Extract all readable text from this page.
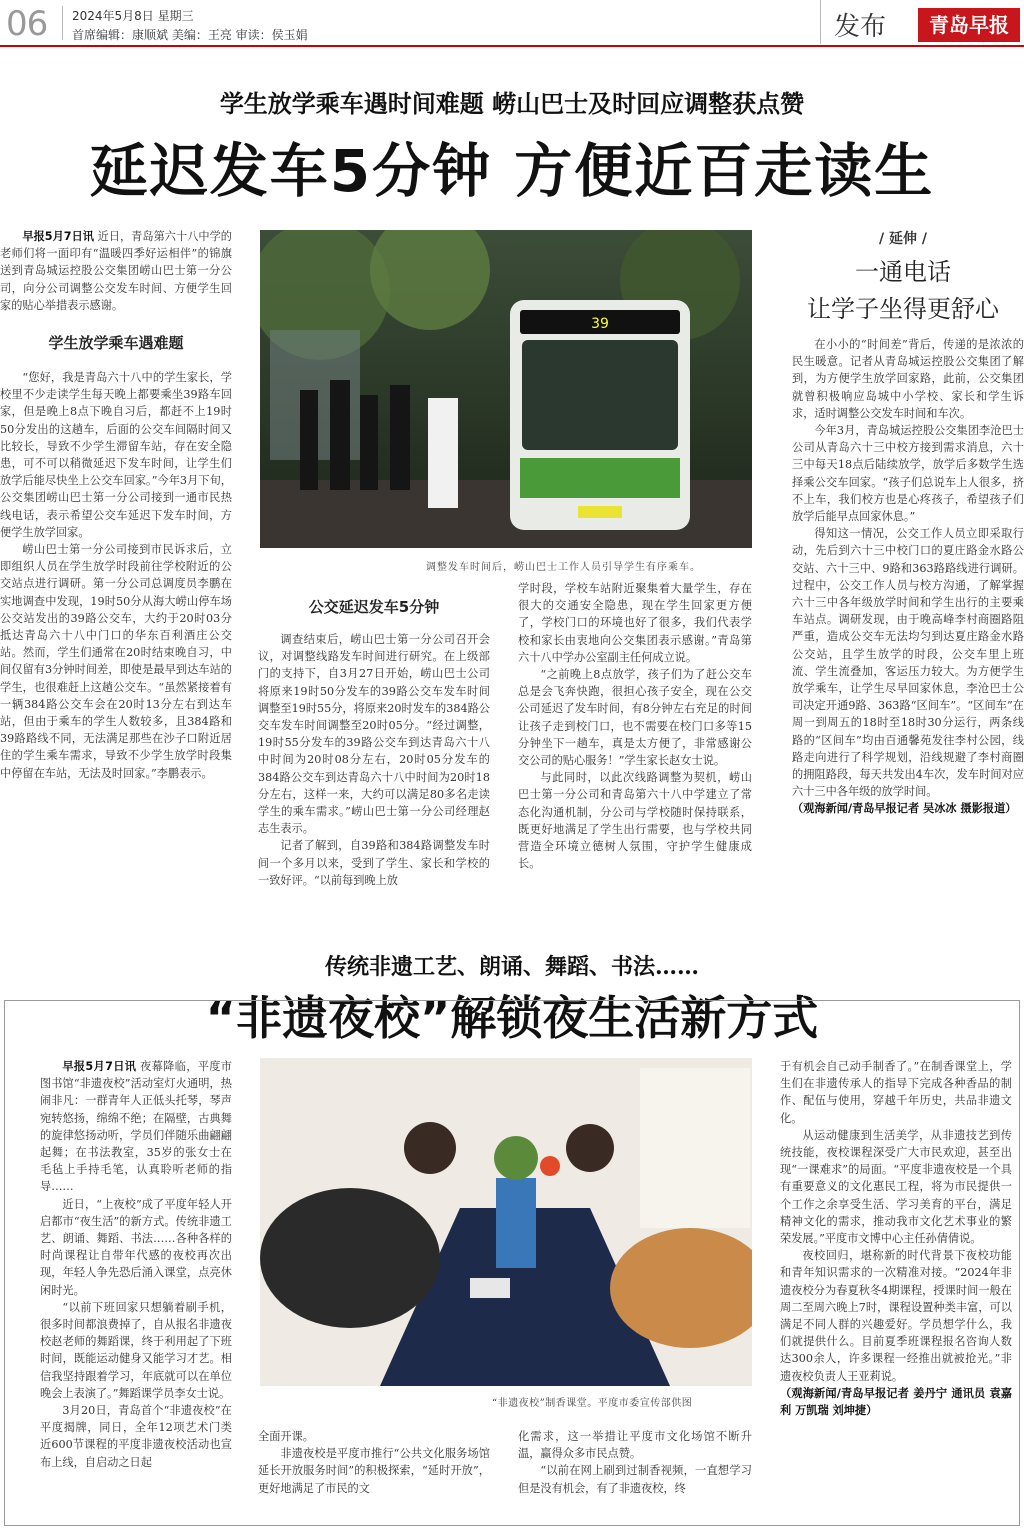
06 2024年5月8日 星期三
首席编辑：康顺斌 美编：王亮 审读：侯玉娟	发布	青岛早报
学生放学乘车遇时间难题 崂山巴士及时回应调整获点赞
延迟发车5分钟 方便近百走读生

早报5月7日讯 近日，青岛第六十八中学的老师们将一面印有“温暖四季好运相伴”的锦旗送到青岛城运控股公交集团崂山巴士第一分公司，向分公司调整公交发车时间、方便学生回家的贴心举措表示感谢。

学生放学乘车遇难题

“您好，我是青岛六十八中的学生家长，学校里不少走读学生每天晚上都要乘坐39路车回家，但是晚上8点下晚自习后，都赶不上19时50分发出的这趟车，后面的公交车间隔时间又比较长，导致不少学生滞留车站，存在安全隐患，可不可以稍微延迟下发车时间，让学生们放学后能尽快坐上公交车回家。”今年3月下旬，公交集团崂山巴士第一分公司接到一通市民热线电话，表示希望公交车延迟下发车时间，方便学生放学回家。

崂山巴士第一分公司接到市民诉求后，立即组织人员在学生放学时段前往学校附近的公交站点进行调研。第一分公司总调度员李鹏在实地调查中发现，19时50分从海大崂山停车场公交站发出的39路公交车，大约于20时03分抵达青岛六十八中门口的华东百利酒庄公交站。然而，学生们通常在20时结束晚自习，中间仅留有3分钟时间差，即使是最早到达车站的学生，也很难赶上这趟公交车。“虽然紧接着有一辆384路公交车会在20时13分左右到达车站，但由于乘车的学生人数较多，且384路和39路路线不同，无法满足那些在沙子口附近居住的学生乘车需求，导致不少学生放学时段集中停留在车站，无法及时回家。”李鹏表示。

39
调整发车时间后，崂山巴士工作人员引导学生有序乘车。
公交延迟发车5分钟

调查结束后，崂山巴士第一分公司召开会议，对调整线路发车时间进行研究。在上级部门的支持下，自3月27日开始，崂山巴士公司将原来19时50分发车的39路公交车发车时间调整至19时55分，将原来20时发车的384路公交车发车时间调整至20时05分。“经过调整，19时55分发车的39路公交车到达青岛六十八中时间为20时08分左右，20时05分发车的384路公交车到达青岛六十八中时间为20时18分左右，这样一来，大约可以满足80多名走读学生的乘车需求。”崂山巴士第一分公司经理赵志生表示。

记者了解到，自39路和384路调整发车时间一个多月以来，受到了学生、家长和学校的一致好评。“以前每到晚上放

学时段，学校车站附近聚集着大量学生，存在很大的交通安全隐患，现在学生回家更方便了，学校门口的环境也好了很多，我们代表学校和家长由衷地向公交集团表示感谢。”青岛第六十八中学办公室副主任何成立说。

“之前晚上8点放学，孩子们为了赶公交车总是会飞奔快跑，很担心孩子安全，现在公交公司延迟了发车时间，有8分钟左右充足的时间让孩子走到校门口，也不需要在校门口多等15分钟坐下一趟车，真是太方便了，非常感谢公交公司的贴心服务！”学生家长赵女士说。

与此同时，以此次线路调整为契机，崂山巴士第一分公司和青岛第六十八中学建立了常态化沟通机制，分公司与学校随时保持联系，既更好地满足了学生出行需要，也与学校共同营造全环境立德树人氛围，守护学生健康成长。

/ 延伸 /
一通电话
让学子坐得更舒心

在小小的“时间差”背后，传递的是浓浓的民生暖意。记者从青岛城运控股公交集团了解到，为方便学生放学回家路，此前，公交集团就曾积极响应岛城中小学校、家长和学生诉求，适时调整公交发车时间和车次。

今年3月，青岛城运控股公交集团李沧巴士公司从青岛六十三中校方接到需求消息，六十三中每天18点后陆续放学，放学后多数学生选择乘公交车回家。“孩子们总说车上人很多，挤不上车，我们校方也是心疼孩子，希望孩子们放学后能早点回家休息。”

得知这一情况，公交工作人员立即采取行动，先后到六十三中校门口的夏庄路金水路公交站、六十三中、9路和363路路线进行调研。过程中，公交工作人员与校方沟通，了解掌握六十三中各年级放学时间和学生出行的主要乘车站点。调研发现，由于晚高峰李村商圈路阻严重，造成公交车无法均匀到达夏庄路金水路公交站，且学生放学的时段，公交车里上班流、学生流叠加，客运压力较大。为方便学生放学乘车，让学生尽早回家休息，李沧巴士公司决定开通9路、363路“区间车”。“区间车”在周一到周五的18时至18时30分运行，两条线路的“区间车”均由百通馨苑发往李村公园，线路走向进行了科学规划，沿线规避了李村商圈的拥阻路段，每天共发出4车次，发车时间对应六十三中各年级的放学时间。

（观海新闻/青岛早报记者 吴冰冰 摄影报道）

传统非遗工艺、朗诵、舞蹈、书法……
“非遗夜校”解锁夜生活新方式

早报5月7日讯 夜幕降临，平度市图书馆“非遗夜校”活动室灯火通明，热闹非凡：一群青年人正低头托琴，琴声宛转悠扬，绵绵不绝；在隔壁，古典舞的旋律悠扬动听，学员们伴随乐曲翩翩起舞；在书法教室，35岁的张女士在毛毡上手持毛笔，认真聆听老师的指导……

近日，“上夜校”成了平度年轻人开启都市“夜生活”的新方式。传统非遗工艺、朗诵、舞蹈、书法……各种各样的时尚课程让自带年代感的夜校再次出现，年轻人争先恐后涌入课堂，点亮休闲时光。

“以前下班回家只想躺着刷手机，很多时间都浪费掉了，自从报名非遗夜校赵老师的舞蹈课，终于利用起了下班时间，既能运动健身又能学习才艺。相信我坚持跟着学习，年底就可以在单位晚会上表演了。”舞蹈课学员李女士说。

3月20日，青岛首个“非遗夜校”在平度揭牌，同日，全年12项艺术门类近600节课程的平度非遗夜校活动也宣布上线，自启动之日起

“非遗夜校”制香课堂。平度市委宣传部供图

全面开课。

非遗夜校是平度市推行“公共文化服务场馆延长开放服务时间”的积极探索，“延时开放”，更好地满足了市民的文

化需求，这一举措让平度市文化场馆不断升温，赢得众多市民点赞。

“以前在网上刷到过制香视频，一直想学习但是没有机会，有了非遗夜校，终

于有机会自己动手制香了。”在制香课堂上，学生们在非遗传承人的指导下完成各种香品的制作、配伍与使用，穿越千年历史，共品非遗文化。

从运动健康到生活美学，从非遗技艺到传统技能，夜校课程深受广大市民欢迎，甚至出现“一课难求”的局面。“平度非遗夜校是一个具有重要意义的文化惠民工程，将为市民提供一个工作之余享受生活、学习美育的平台，满足精神文化的需求，推动我市文化艺术事业的繁荣发展。”平度市文博中心主任孙倩倩说。

夜校回归，堪称新的时代背景下夜校功能和青年知识需求的一次精准对接。“2024年非遗夜校分为春夏秋冬4期课程，授课时间一般在周二至周六晚上7时，课程设置种类丰富，可以满足不同人群的兴趣爱好。学员想学什么，我们就提供什么。目前夏季班课程报名咨询人数达300余人，许多课程一经推出就被抢光。”非遗夜校负责人王亚莉说。

（观海新闻/青岛早报记者 姜丹宁 通讯员 袁嘉利 万凯瑞 刘坤捷）
